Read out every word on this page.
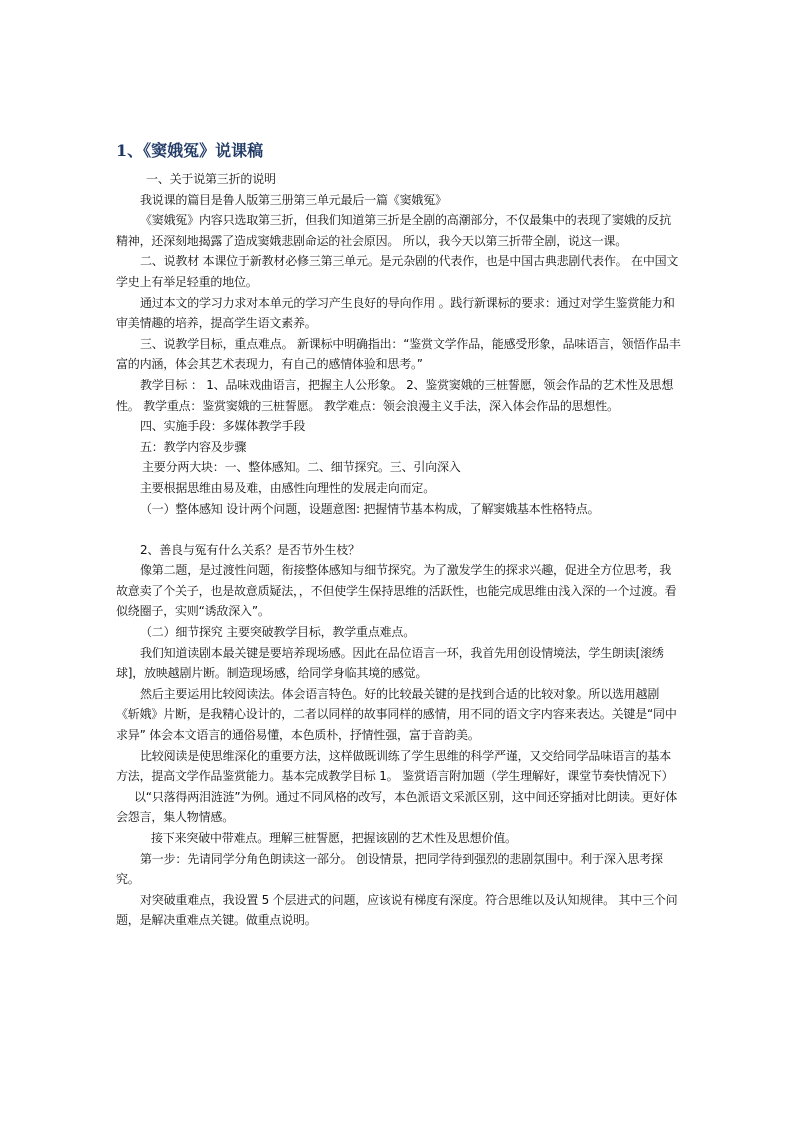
1、《窦娥冤》说课稿

一、关于说第三折的说明

我说课的篇目是鲁人版第三册第三单元最后一篇《窦娥冤》

《窦娥冤》内容只选取第三折，但我们知道第三折是全剧的高潮部分，不仅最集中的表现了窦娥的反抗精神，还深刻地揭露了造成窦娥悲剧命运的社会原因。 所以，我今天以第三折带全剧，说这一课。

二、说教材 本课位于新教材必修三第三单元。是元杂剧的代表作，也是中国古典悲剧代表作。 在中国文学史上有举足轻重的地位。

通过本文的学习力求对本单元的学习产生良好的导向作用 。践行新课标的要求：通过对学生鉴赏能力和审美情趣的培养，提高学生语文素养。

三、说教学目标，重点难点。 新课标中明确指出：“鉴赏文学作品，能感受形象，品味语言，领悟作品丰富的内涵，体会其艺术表现力，有自己的感情体验和思考。”

教学目标 ： 1、品味戏曲语言，把握主人公形象。 2、鉴赏窦娥的三桩誓愿，领会作品的艺术性及思想性。 教学重点：鉴赏窦娥的三桩誓愿。 教学难点：领会浪漫主义手法，深入体会作品的思想性。

四、实施手段：多媒体教学手段

五：教学内容及步骤

主要分两大块：一、整体感知。二、细节探究。三、引向深入

主要根据思维由易及难，由感性向理性的发展走向而定。

（一）整体感知 设计两个问题，设题意图: 把握情节基本构成，了解窦娥基本性格特点。

2、善良与冤有什么关系？是否节外生枝？

像第二题，是过渡性问题，衔接整体感知与细节探究。为了激发学生的探求兴趣，促进全方位思考，我故意卖了个关子，也是故意质疑法，，不但使学生保持思维的活跃性，也能完成思维由浅入深的一个过渡。看似绕圈子，实则“诱敌深入”。

（二）细节探究 主要突破教学目标，教学重点难点。

我们知道读剧本最关键是要培养现场感。因此在品位语言一环，我首先用创设情境法，学生朗读[滚绣球]，放映越剧片断。制造现场感，给同学身临其境的感觉。

然后主要运用比较阅读法。体会语言特色。好的比较最关键的是找到合适的比较对象。所以选用越剧《斩娥》片断，是我精心设计的，二者以同样的故事同样的感情，用不同的语文字内容来表达。关键是“同中求异” 体会本文语言的通俗易懂，本色质朴，抒情性强，富于音韵美。

比较阅读是使思维深化的重要方法，这样做既训练了学生思维的科学严谨，又交给同学品味语言的基本方法，提高文学作品鉴赏能力。基本完成教学目标 1。 鉴赏语言附加题（学生理解好，课堂节奏快情况下）

以“只落得两泪涟涟”为例。通过不同风格的改写，本色派语文采派区别，这中间还穿插对比朗读。更好体会怨言，集人物情感。

接下来突破中带难点。理解三桩誓愿，把握该剧的艺术性及思想价值。

第一步：先请同学分角色朗读这一部分。 创设情景，把同学待到强烈的悲剧氛围中。利于深入思考探究。

对突破重难点，我设置 5 个层进式的问题，应该说有梯度有深度。符合思维以及认知规律。 其中三个问题，是解决重难点关键。做重点说明。
